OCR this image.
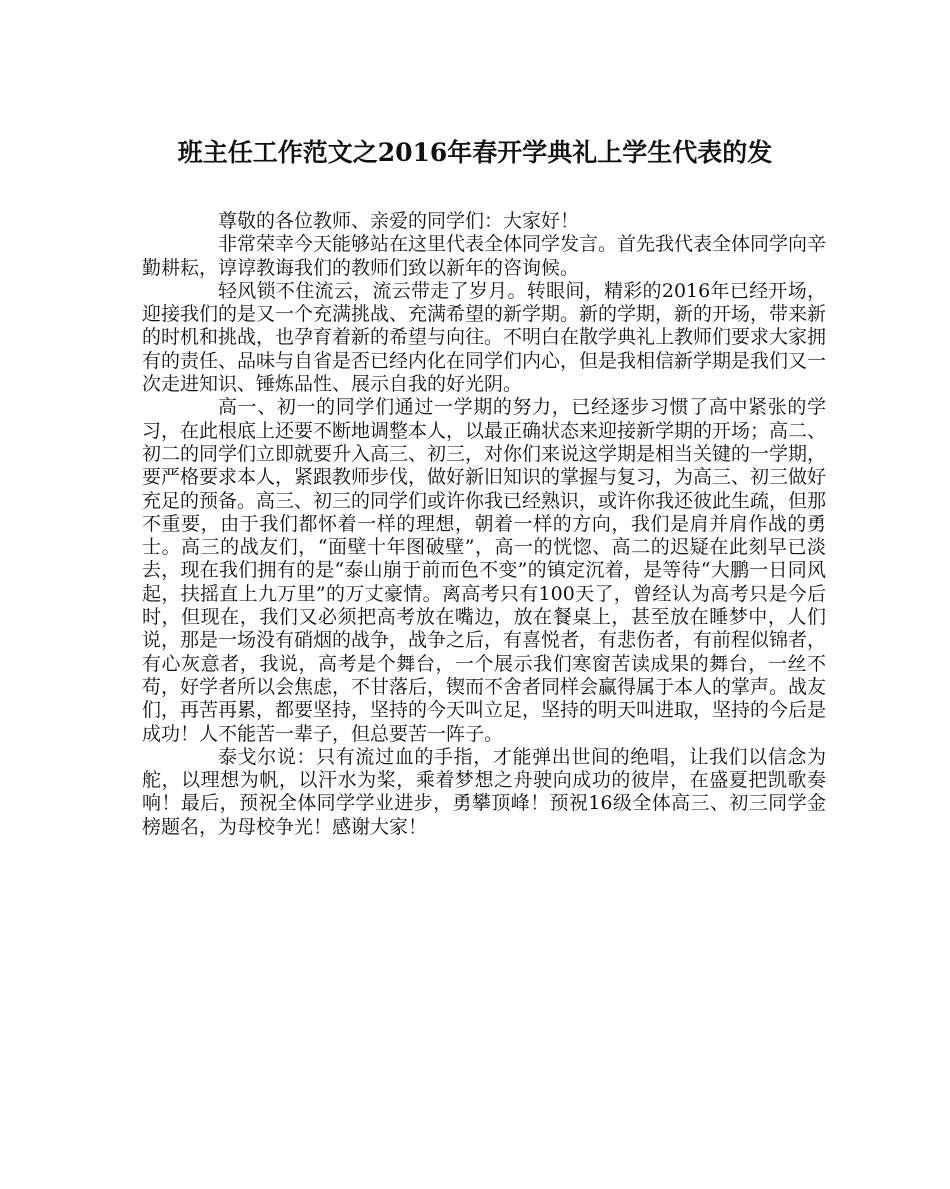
班主任工作范文之2016年春开学典礼上学生代表的发

尊敬的各位教师、亲爱的同学们：大家好！

非常荣幸今天能够站在这里代表全体同学发言。首先我代表全体同学向辛勤耕耘，谆谆教诲我们的教师们致以新年的咨询候。

轻风锁不住流云，流云带走了岁月。转眼间，精彩的2016年已经开场，迎接我们的是又一个充满挑战、充满希望的新学期。新的学期，新的开场，带来新的时机和挑战，也孕育着新的希望与向往。不明白在散学典礼上教师们要求大家拥有的责任、品味与自省是否已经内化在同学们内心，但是我相信新学期是我们又一次走进知识、锤炼品性、展示自我的好光阴。

高一、初一的同学们通过一学期的努力，已经逐步习惯了高中紧张的学习，在此根底上还要不断地调整本人，以最正确状态来迎接新学期的开场；高二、初二的同学们立即就要升入高三、初三，对你们来说这学期是相当关键的一学期，要严格要求本人，紧跟教师步伐，做好新旧知识的掌握与复习，为高三、初三做好充足的预备。高三、初三的同学们或许你我已经熟识，或许你我还彼此生疏，但那不重要，由于我们都怀着一样的理想，朝着一样的方向，我们是肩并肩作战的勇士。高三的战友们，“面壁十年图破壁”，高一的恍惚、高二的迟疑在此刻早已淡去，现在我们拥有的是“泰山崩于前而色不变”的镇定沉着，是等待“大鹏一日同风起，扶摇直上九万里”的万丈豪情。离高考只有100天了，曾经认为高考只是今后时，但现在，我们又必须把高考放在嘴边，放在餐桌上，甚至放在睡梦中，人们说，那是一场没有硝烟的战争，战争之后，有喜悦者，有悲伤者，有前程似锦者，有心灰意者，我说，高考是个舞台，一个展示我们寒窗苦读成果的舞台，一丝不苟，好学者所以会焦虑，不甘落后，锲而不舍者同样会赢得属于本人的掌声。战友们，再苦再累，都要坚持，坚持的今天叫立足，坚持的明天叫进取，坚持的今后是成功！人不能苦一辈子，但总要苦一阵子。

泰戈尔说：只有流过血的手指，才能弹出世间的绝唱，让我们以信念为舵，以理想为帆，以汗水为桨，乘着梦想之舟驶向成功的彼岸，在盛夏把凯歌奏响！最后，预祝全体同学学业进步，勇攀顶峰！预祝16级全体高三、初三同学金榜题名，为母校争光！感谢大家！
